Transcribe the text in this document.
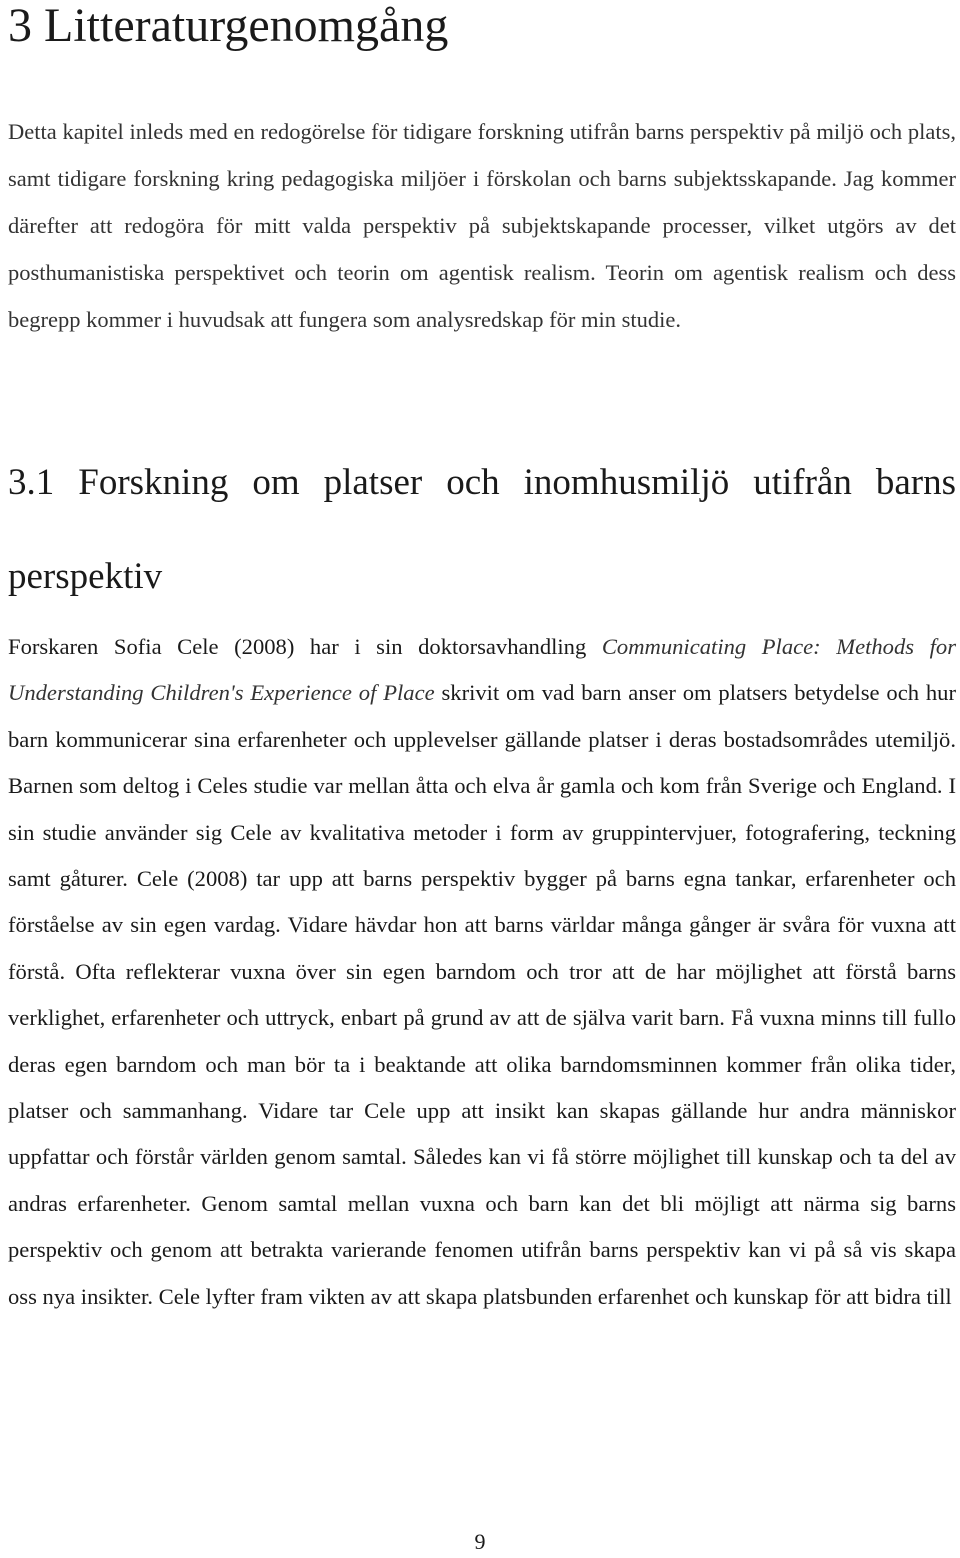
3 Litteraturgenomgång

Detta kapitel inleds med en redogörelse för tidigare forskning utifrån barns perspektiv på miljö och plats, samt tidigare forskning kring pedagogiska miljöer i förskolan och barns subjektsskapande. Jag kommer därefter att redogöra för mitt valda perspektiv på subjektskapande processer, vilket utgörs av det posthumanistiska perspektivet och teorin om agentisk realism. Teorin om agentisk realism och dess begrepp kommer i huvudsak att fungera som analysredskap för min studie.

3.1 Forskning om platser och inomhusmiljö utifrån barns perspektiv

Forskaren Sofia Cele (2008) har i sin doktorsavhandling Communicating Place: Methods for Understanding Children's Experience of Place skrivit om vad barn anser om platsers betydelse och hur barn kommunicerar sina erfarenheter och upplevelser gällande platser i deras bostadsområdes utemiljö. Barnen som deltog i Celes studie var mellan åtta och elva år gamla och kom från Sverige och England. I sin studie använder sig Cele av kvalitativa metoder i form av gruppintervjuer, fotografering, teckning samt gåturer. Cele (2008) tar upp att barns perspektiv bygger på barns egna tankar, erfarenheter och förståelse av sin egen vardag. Vidare hävdar hon att barns världar många gånger är svåra för vuxna att förstå. Ofta reflekterar vuxna över sin egen barndom och tror att de har möjlighet att förstå barns verklighet, erfarenheter och uttryck, enbart på grund av att de själva varit barn. Få vuxna minns till fullo deras egen barndom och man bör ta i beaktande att olika barndomsminnen kommer från olika tider, platser och sammanhang. Vidare tar Cele upp att insikt kan skapas gällande hur andra människor uppfattar och förstår världen genom samtal. Således kan vi få större möjlighet till kunskap och ta del av andras erfarenheter. Genom samtal mellan vuxna och barn kan det bli möjligt att närma sig barns perspektiv och genom att betrakta varierande fenomen utifrån barns perspektiv kan vi på så vis skapa oss nya insikter. Cele lyfter fram vikten av att skapa platsbunden erfarenhet och kunskap för att bidra till

9
